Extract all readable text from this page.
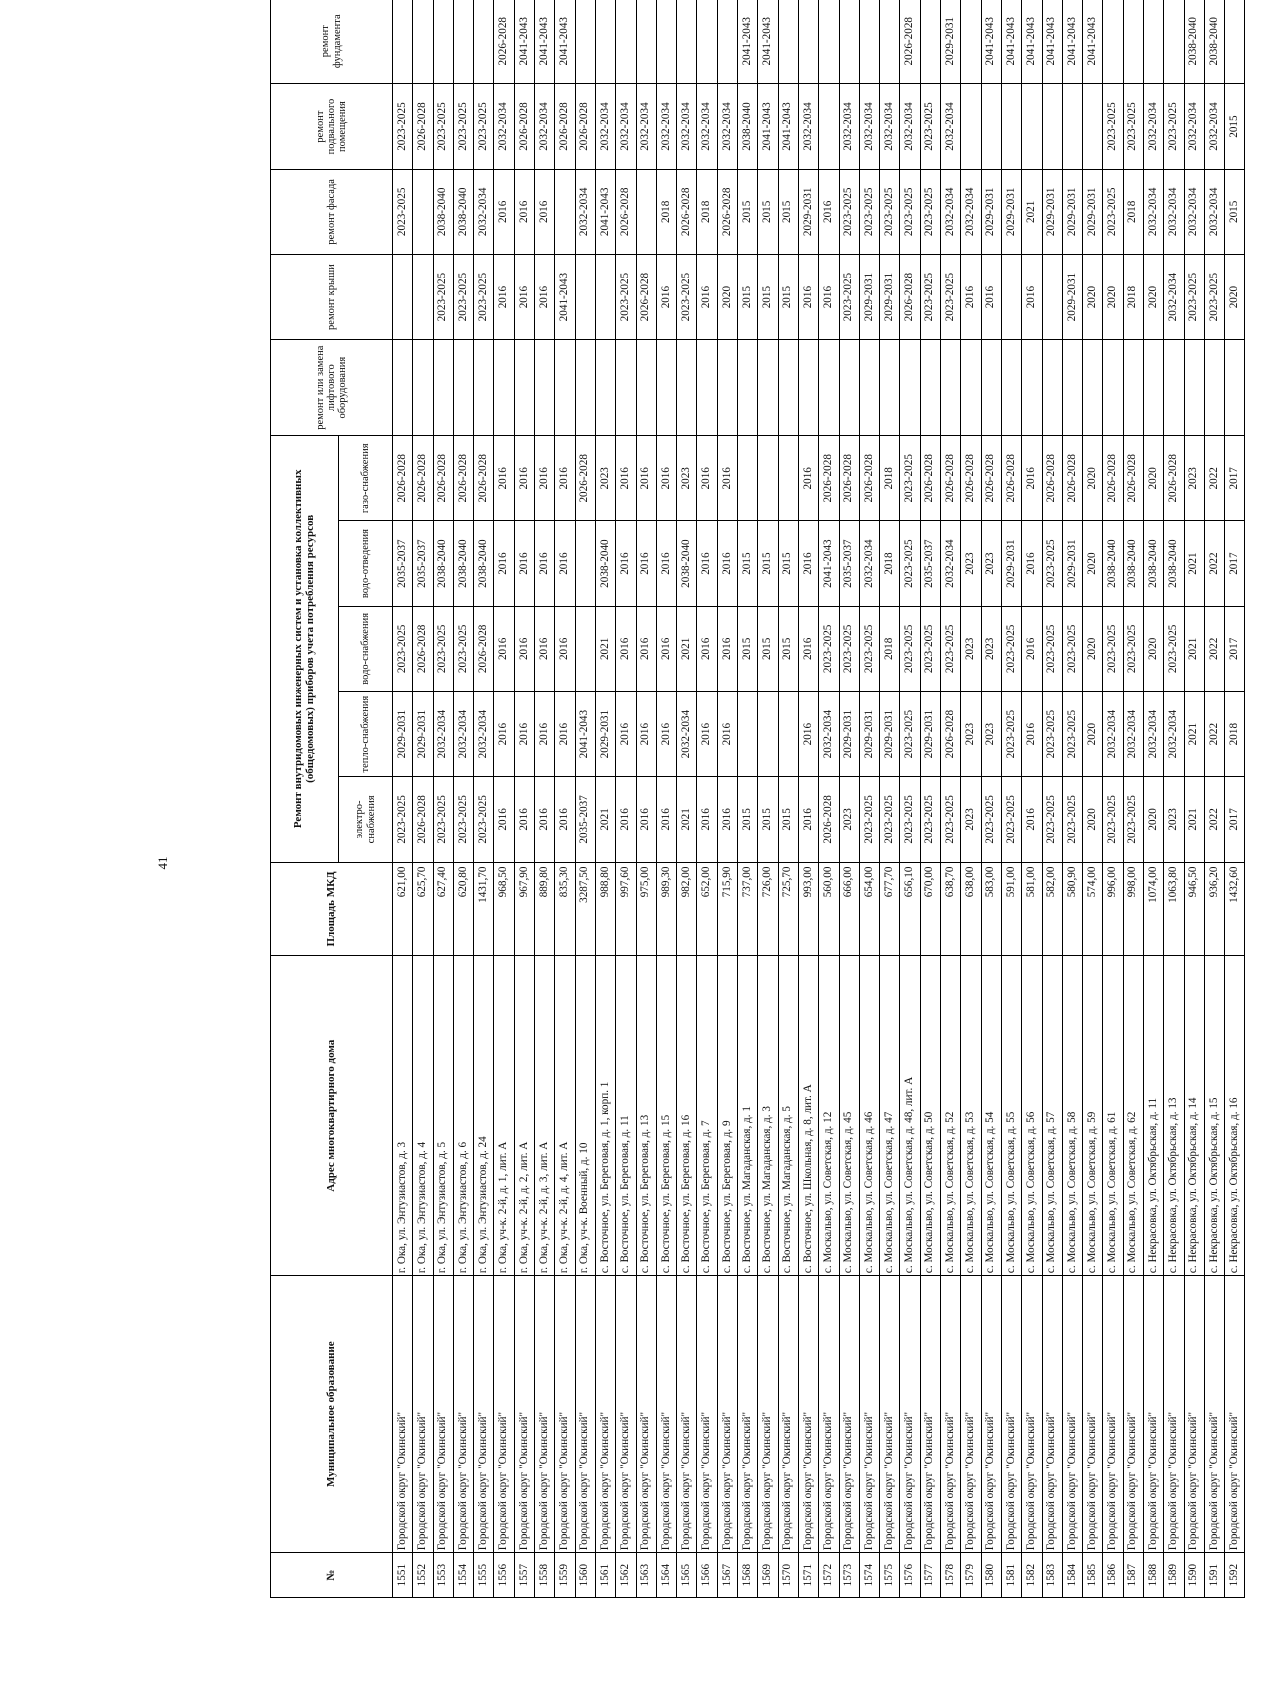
41
№	Муниципальное образование	Адрес многоквартирного дома	Площадь МКД	Ремонт внутридомовых инженерных систем и установка коллективных (общедомовых) приборов учета потребления ресурсов					ремонт или замена лифтового оборудования	ремонт крыши	ремонт фасада	ремонт подвального помещения	ремонт фундамента
				электро-снабжения	тепло-снабжения	водо-снабжения	водо-отведения	газо-снабжения					
1551	Городской округ "Окинский"	г. Ока, ул. Энтузиастов, д. 3	621,00	2023-2025	2029-2031	2023-2025	2035-2037	2026-2028			2023-2025	2023-2025	
1552	Городской округ "Окинский"	г. Ока, ул. Энтузиастов, д. 4	625,70	2026-2028	2029-2031	2026-2028	2035-2037	2026-2028				2026-2028	
1553	Городской округ "Окинский"	г. Ока, ул. Энтузиастов, д. 5	627,40	2023-2025	2032-2034	2023-2025	2038-2040	2026-2028		2023-2025	2038-2040	2023-2025	
1554	Городской округ "Окинский"	г. Ока, ул. Энтузиастов, д. 6	620,80	2023-2025	2032-2034	2023-2025	2038-2040	2026-2028		2023-2025	2038-2040	2023-2025	
1555	Городской округ "Окинский"	г. Ока, ул. Энтузиастов, д. 24	1431,70	2023-2025	2032-2034	2026-2028	2038-2040	2026-2028		2023-2025	2032-2034	2023-2025	
1556	Городской округ "Окинский"	г. Ока, уч-к. 2-й, д. 1, лит. А	968,50	2016	2016	2016	2016	2016		2016	2016	2032-2034	2026-2028
1557	Городской округ "Окинский"	г. Ока, уч-к. 2-й, д. 2, лит. А	967,90	2016	2016	2016	2016	2016		2016	2016	2026-2028	2041-2043
1558	Городской округ "Окинский"	г. Ока, уч-к. 2-й, д. 3, лит. А	889,80	2016	2016	2016	2016	2016		2016	2016	2032-2034	2041-2043
1559	Городской округ "Окинский"	г. Ока, уч-к. 2-й, д. 4, лит. А	835,30	2016	2016	2016	2016	2016		2041-2043		2026-2028	2041-2043
1560	Городской округ "Окинский"	г. Ока, уч-к. Военный, д. 10	3287,50	2035-2037	2041-2043			2026-2028			2032-2034	2026-2028	
1561	Городской округ "Окинский"	с. Восточное, ул. Береговая, д. 1, корп. 1	988,80	2021	2029-2031	2021	2038-2040	2023			2041-2043	2032-2034	
1562	Городской округ "Окинский"	с. Восточное, ул. Береговая, д. 11	997,60	2016	2016	2016	2016	2016		2023-2025	2026-2028	2032-2034	
1563	Городской округ "Окинский"	с. Восточное, ул. Береговая, д. 13	975,00	2016	2016	2016	2016	2016		2026-2028		2032-2034	
1564	Городской округ "Окинский"	с. Восточное, ул. Береговая, д. 15	989,30	2016	2016	2016	2016	2016		2016	2018	2032-2034	
1565	Городской округ "Окинский"	с. Восточное, ул. Береговая, д. 16	982,00	2021	2032-2034	2021	2038-2040	2023		2023-2025	2026-2028	2032-2034	
1566	Городской округ "Окинский"	с. Восточное, ул. Береговая, д. 7	652,00	2016	2016	2016	2016	2016		2016	2018	2032-2034	
1567	Городской округ "Окинский"	с. Восточное, ул. Береговая, д. 9	715,90	2016	2016	2016	2016	2016		2020	2026-2028	2032-2034	
1568	Городской округ "Окинский"	с. Восточное, ул. Магаданская, д. 1	737,00	2015		2015	2015			2015	2015	2038-2040	2041-2043
1569	Городской округ "Окинский"	с. Восточное, ул. Магаданская, д. 3	726,00	2015		2015	2015			2015	2015	2041-2043	2041-2043
1570	Городской округ "Окинский"	с. Восточное, ул. Магаданская, д. 5	725,70	2015		2015	2015			2015	2015	2041-2043	
1571	Городской округ "Окинский"	с. Восточное, ул. Школьная, д. 8, лит. А	993,00	2016	2016	2016	2016	2016		2016	2029-2031	2032-2034	
1572	Городской округ "Окинский"	с. Москальво, ул. Советская, д. 12	560,00	2026-2028	2032-2034	2023-2025	2041-2043	2026-2028		2016	2016		
1573	Городской округ "Окинский"	с. Москальво, ул. Советская, д. 45	666,00	2023	2029-2031	2023-2025	2035-2037	2026-2028		2023-2025	2023-2025	2032-2034	
1574	Городской округ "Окинский"	с. Москальво, ул. Советская, д. 46	654,00	2023-2025	2029-2031	2023-2025	2032-2034	2026-2028		2029-2031	2023-2025	2032-2034	
1575	Городской округ "Окинский"	с. Москальво, ул. Советская, д. 47	677,70	2023-2025	2029-2031	2018	2018	2018		2029-2031	2023-2025	2032-2034	
1576	Городской округ "Окинский"	с. Москальво, ул. Советская, д. 48, лит. А	656,10	2023-2025	2023-2025	2023-2025	2023-2025	2023-2025		2026-2028	2023-2025	2032-2034	2026-2028
1577	Городской округ "Окинский"	с. Москальво, ул. Советская, д. 50	670,00	2023-2025	2029-2031	2023-2025	2035-2037	2026-2028		2023-2025	2023-2025	2023-2025	
1578	Городской округ "Окинский"	с. Москальво, ул. Советская, д. 52	638,70	2023-2025	2026-2028	2023-2025	2032-2034	2026-2028		2023-2025	2032-2034	2032-2034	2029-2031
1579	Городской округ "Окинский"	с. Москальво, ул. Советская, д. 53	638,00	2023	2023	2023	2023	2026-2028		2016	2032-2034		
1580	Городской округ "Окинский"	с. Москальво, ул. Советская, д. 54	583,00	2023-2025	2023	2023	2023	2026-2028		2016	2029-2031		2041-2043
1581	Городской округ "Окинский"	с. Москальво, ул. Советская, д. 55	591,00	2023-2025	2023-2025	2023-2025	2029-2031	2026-2028			2029-2031		2041-2043
1582	Городской округ "Окинский"	с. Москальво, ул. Советская, д. 56	581,00	2016	2016	2016	2016	2016		2016	2021		2041-2043
1583	Городской округ "Окинский"	с. Москальво, ул. Советская, д. 57	582,00	2023-2025	2023-2025	2023-2025	2023-2025	2026-2028			2029-2031		2041-2043
1584	Городской округ "Окинский"	с. Москальво, ул. Советская, д. 58	580,90	2023-2025	2023-2025	2023-2025	2029-2031	2026-2028		2029-2031	2029-2031		2041-2043
1585	Городской округ "Окинский"	с. Москальво, ул. Советская, д. 59	574,00	2020	2020	2020	2020	2020		2020	2029-2031		2041-2043
1586	Городской округ "Окинский"	с. Москальво, ул. Советская, д. 61	996,00	2023-2025	2032-2034	2023-2025	2038-2040	2026-2028		2020	2023-2025	2023-2025	
1587	Городской округ "Окинский"	с. Москальво, ул. Советская, д. 62	998,00	2023-2025	2032-2034	2023-2025	2038-2040	2026-2028		2018	2018	2023-2025	
1588	Городской округ "Окинский"	с. Некрасовка, ул. Октябрьская, д. 11	1074,00	2020	2032-2034	2020	2038-2040	2020		2020	2032-2034	2032-2034	
1589	Городской округ "Окинский"	с. Некрасовка, ул. Октябрьская, д. 13	1063,80	2023	2032-2034	2023-2025	2038-2040	2026-2028		2032-2034	2032-2034	2023-2025	
1590	Городской округ "Окинский"	с. Некрасовка, ул. Октябрьская, д. 14	946,50	2021	2021	2021	2021	2023		2023-2025	2032-2034	2032-2034	2038-2040
1591	Городской округ "Окинский"	с. Некрасовка, ул. Октябрьская, д. 15	936,20	2022	2022	2022	2022	2022		2023-2025	2032-2034	2032-2034	2038-2040
1592	Городской округ "Окинский"	с. Некрасовка, ул. Октябрьская, д. 16	1432,60	2017	2018	2017	2017	2017		2020	2015	2015	
